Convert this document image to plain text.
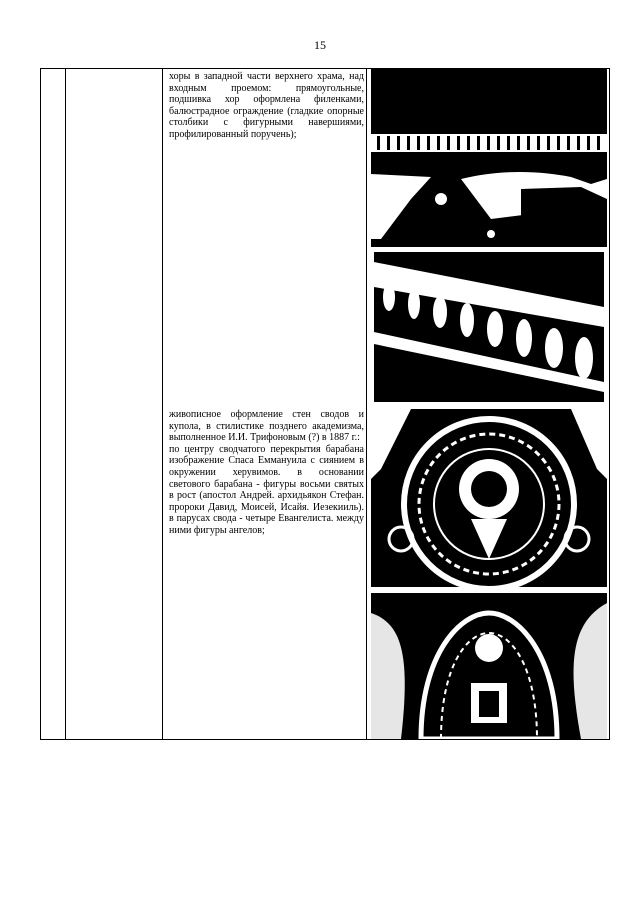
15

хоры в западной части верхнего храма, над входным проемом: прямоугольные, подшивка хор оформлена филенками, балюстрадное ограждение (гладкие опорные столбики с фигурными навершиями, профилированный поручень);

живописное оформление стен сводов и купола, в стилистике позднего академизма, выполненное И.И. Трифоновым (?) в 1887 г.:
по центру сводчатого перекрытия барабана изображение Спаса Еммануила с сиянием в окружении херувимов. в основании светового барабана - фигуры восьми святых в рост (апостол Андрей. архидьякон Стефан. пророки Давид, Моисей, Исайя. Иезекииль). в парусах свода - четыре Евангелиста. между ними фигуры ангелов;
